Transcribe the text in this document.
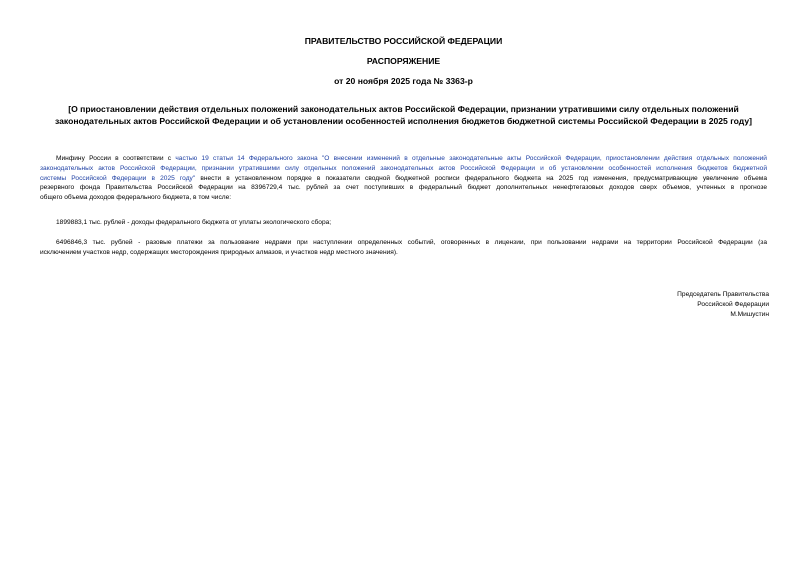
ПРАВИТЕЛЬСТВО РОССИЙСКОЙ ФЕДЕРАЦИИ
РАСПОРЯЖЕНИЕ
от 20 ноября 2025 года № 3363-р
[О приостановлении действия отдельных положений законодательных актов Российской Федерации, признании утратившими силу отдельных положений
законодательных актов Российской Федерации и об установлении особенностей исполнения бюджетов бюджетной системы Российской Федерации в 2025 году]
Минфину России в соответствии с частью 19 статьи 14 Федерального закона "О внесении изменений в отдельные законодательные акты Российской Федерации, приостановлении действия отдельных положений
законодательных актов Российской Федерации, признании утратившими силу отдельных положений законодательных актов Российской Федерации и об установлении особенностей исполнения бюджетов бюджетной
системы Российской Федерации в 2025 году" внести в установленном порядке в показатели сводной бюджетной росписи федерального бюджета на 2025 год изменения, предусматривающие увеличение объема
резервного фонда Правительства Российской Федерации на 8396729,4 тыс. рублей за счет поступивших в федеральный бюджет дополнительных ненефтегазовых доходов сверх объемов, учтенных в прогнозе
общего объема доходов федерального бюджета, в том числе:
1899883,1 тыс. рублей - доходы федерального бюджета от уплаты экологического сбора;
6496846,3 тыс. рублей - разовые платежи за пользование недрами при наступлении определенных событий, оговоренных в лицензии, при пользовании недрами на территории Российской Федерации (за
исключением участков недр, содержащих месторождения природных алмазов, и участков недр местного значения).
Председатель Правительства
Российской Федерации
М.Мишустин
